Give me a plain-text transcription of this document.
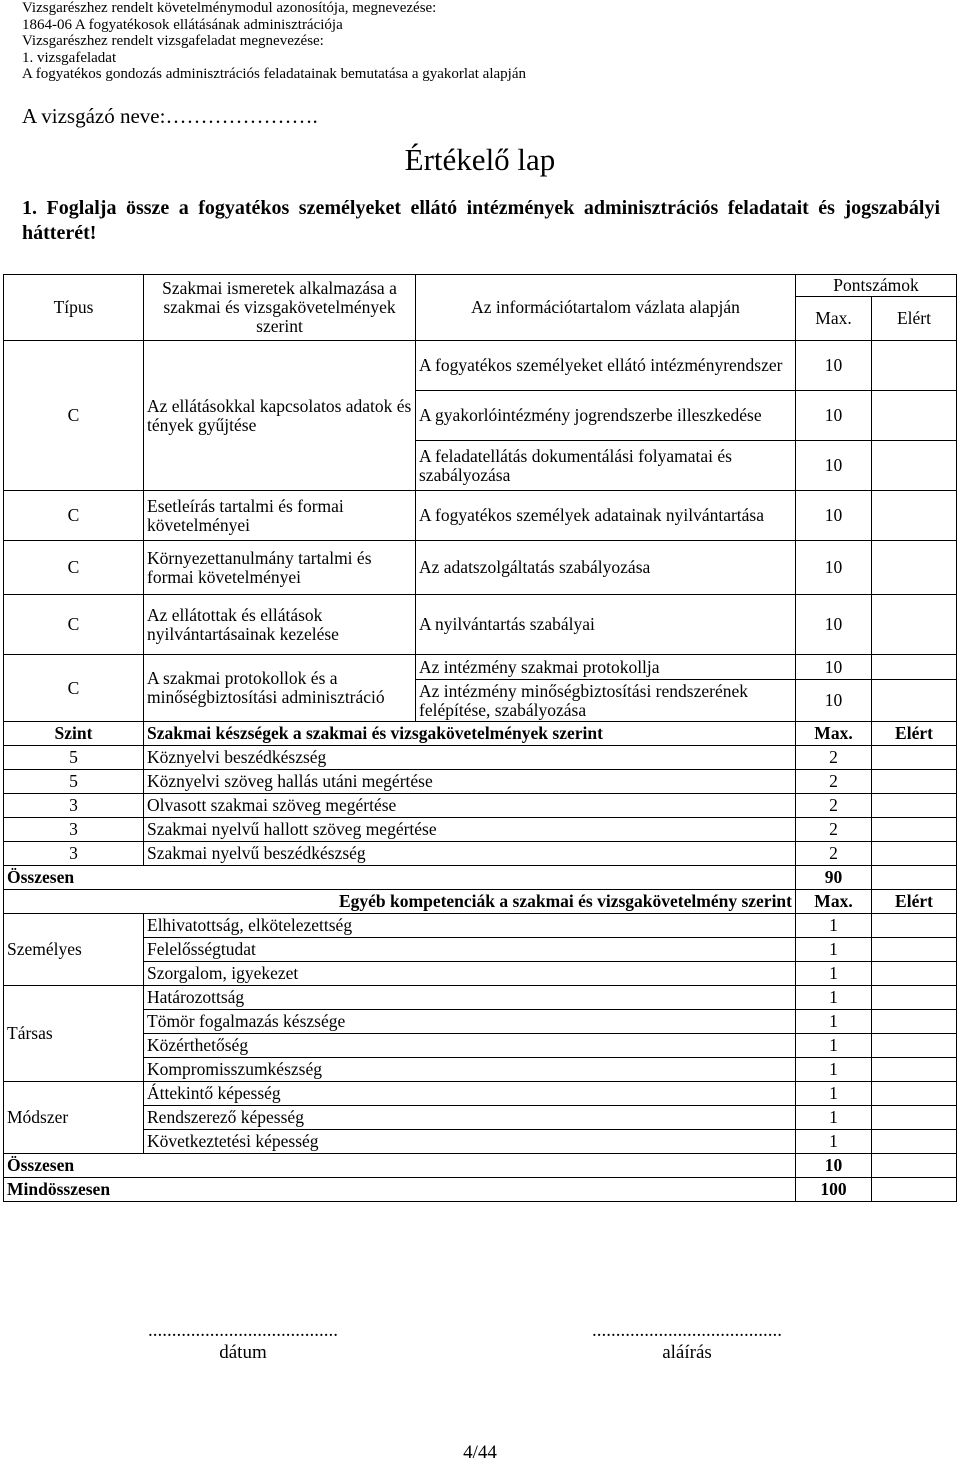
Vizsgarészhez rendelt követelménymodul azonosítója, megnevezése:
1864-06 A fogyatékosok ellátásának adminisztrációja
Vizsgarészhez rendelt vizsgafeladat megnevezése:
1. vizsgafeladat
A fogyatékos gondozás adminisztrációs feladatainak bemutatása a gyakorlat alapján
A vizsgázó neve:………………….
Értékelő lap
1. Foglalja össze a fogyatékos személyeket ellátó intézmények adminisztrációs feladatait és jogszabályi hátterét!
Típus	Szakmai ismeretek alkalmazása a szakmai és vizsgakövetelmények szerint	Az információtartalom vázlata alapján	Pontszámok	
			Max.	Elért
C	Az ellátásokkal kapcsolatos adatok és tények gyűjtése	A fogyatékos személyeket ellátó intézményrendszer	10	
		A gyakorlóintézmény jogrendszerbe illeszkedése	10	
		A feladatellátás dokumentálási folyamatai és szabályozása	10	
C	Esetleírás tartalmi és formai követelményei	A fogyatékos személyek adatainak nyilvántartása	10	
C	Környezettanulmány tartalmi és formai követelményei	Az adatszolgáltatás szabályozása	10	
C	Az ellátottak és ellátások nyilvántartásainak kezelése	A nyilvántartás szabályai	10	
C	A szakmai protokollok és a minőségbiztosítási adminisztráció	Az intézmény szakmai protokollja	10	
		Az intézmény minőségbiztosítási rendszerének felépítése, szabályozása	10	
Szint	Szakmai készségek a szakmai és vizsgakövetelmények szerint		Max.	Elért
5	Köznyelvi beszédkészség		2	
5	Köznyelvi szöveg hallás utáni megértése		2	
3	Olvasott szakmai szöveg megértése		2	
3	Szakmai nyelvű hallott szöveg megértése		2	
3	Szakmai nyelvű beszédkészség		2	
Összesen			90	
Egyéb kompetenciák a szakmai és vizsgakövetelmény szerint			Max.	Elért
Személyes	Elhivatottság, elkötelezettség		1	
	Felelősségtudat		1	
	Szorgalom, igyekezet		1	
Társas	Határozottság		1	
	Tömör fogalmazás készsége		1	
	Közérthetőség		1	
	Kompromisszumkészség		1	
Módszer	Áttekintő képesség		1	
	Rendszerező képesség		1	
	Következtetési képesség		1	
Összesen			10	
Mindösszesen			100	
........................................
dátum
........................................
aláírás
4/44
